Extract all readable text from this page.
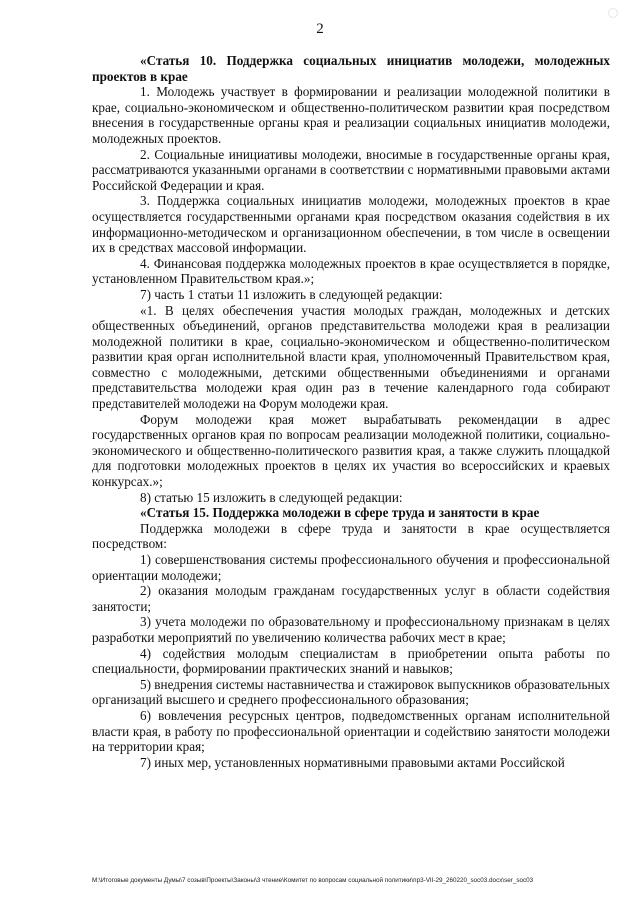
2

«Статья 10. Поддержка социальных инициатив молодежи, молодежных проектов в крае

1. Молодежь участвует в формировании и реализации молодежной политики в крае, социально-экономическом и общественно-политическом развитии края посредством внесения в государственные органы края и реализации социальных инициатив молодежи, молодежных проектов.

2. Социальные инициативы молодежи, вносимые в государственные органы края, рассматриваются указанными органами в соответствии с нормативными правовыми актами Российской Федерации и края.

3. Поддержка социальных инициатив молодежи, молодежных проектов в крае осуществляется государственными органами края посредством оказания содействия в их информационно-методическом и организационном обеспечении, в том числе в освещении их в средствах массовой информации.

4. Финансовая поддержка молодежных проектов в крае осуществляется в порядке, установленном Правительством края.»;

7) часть 1 статьи 11 изложить в следующей редакции:

«1. В целях обеспечения участия молодых граждан, молодежных и детских общественных объединений, органов представительства молодежи края в реализации молодежной политики в крае, социально-экономическом и общественно-политическом развитии края орган исполнительной власти края, уполномоченный Правительством края, совместно с молодежными, детскими общественными объединениями и органами представительства молодежи края один раз в течение календарного года собирают представителей молодежи на Форум молодежи края.

Форум молодежи края может вырабатывать рекомендации в адрес государственных органов края по вопросам реализации молодежной политики, социально-экономического и общественно-политического развития края, а также служить площадкой для подготовки молодежных проектов в целях их участия во всероссийских и краевых конкурсах.»;

8) статью 15 изложить в следующей редакции:

«Статья 15. Поддержка молодежи в сфере труда и занятости в крае

Поддержка молодежи в сфере труда и занятости в крае осуществляется посредством:

1) совершенствования системы профессионального обучения и профессиональной ориентации молодежи;

2) оказания молодым гражданам государственных услуг в области содействия занятости;

3) учета молодежи по образовательному и профессиональному признакам в целях разработки мероприятий по увеличению количества рабочих мест в крае;

4) содействия молодым специалистам в приобретении опыта работы по специальности, формировании практических знаний и навыков;

5) внедрения системы наставничества и стажировок выпускников образовательных организаций высшего и среднего профессионального образования;

6) вовлечения ресурсных центров, подведомственных органам исполнительной власти края, в работу по профессиональной ориентации и содействию занятости молодежи на территории края;

7) иных мер, установленных нормативными правовыми актами Российской

M:\Итоговые документы Думы\7 созыв\Проекты\Законы\3 чтение\Комитет по вопросам социальной политики\пр3-VII-29_260220_soc03.docx\ser_soc03
